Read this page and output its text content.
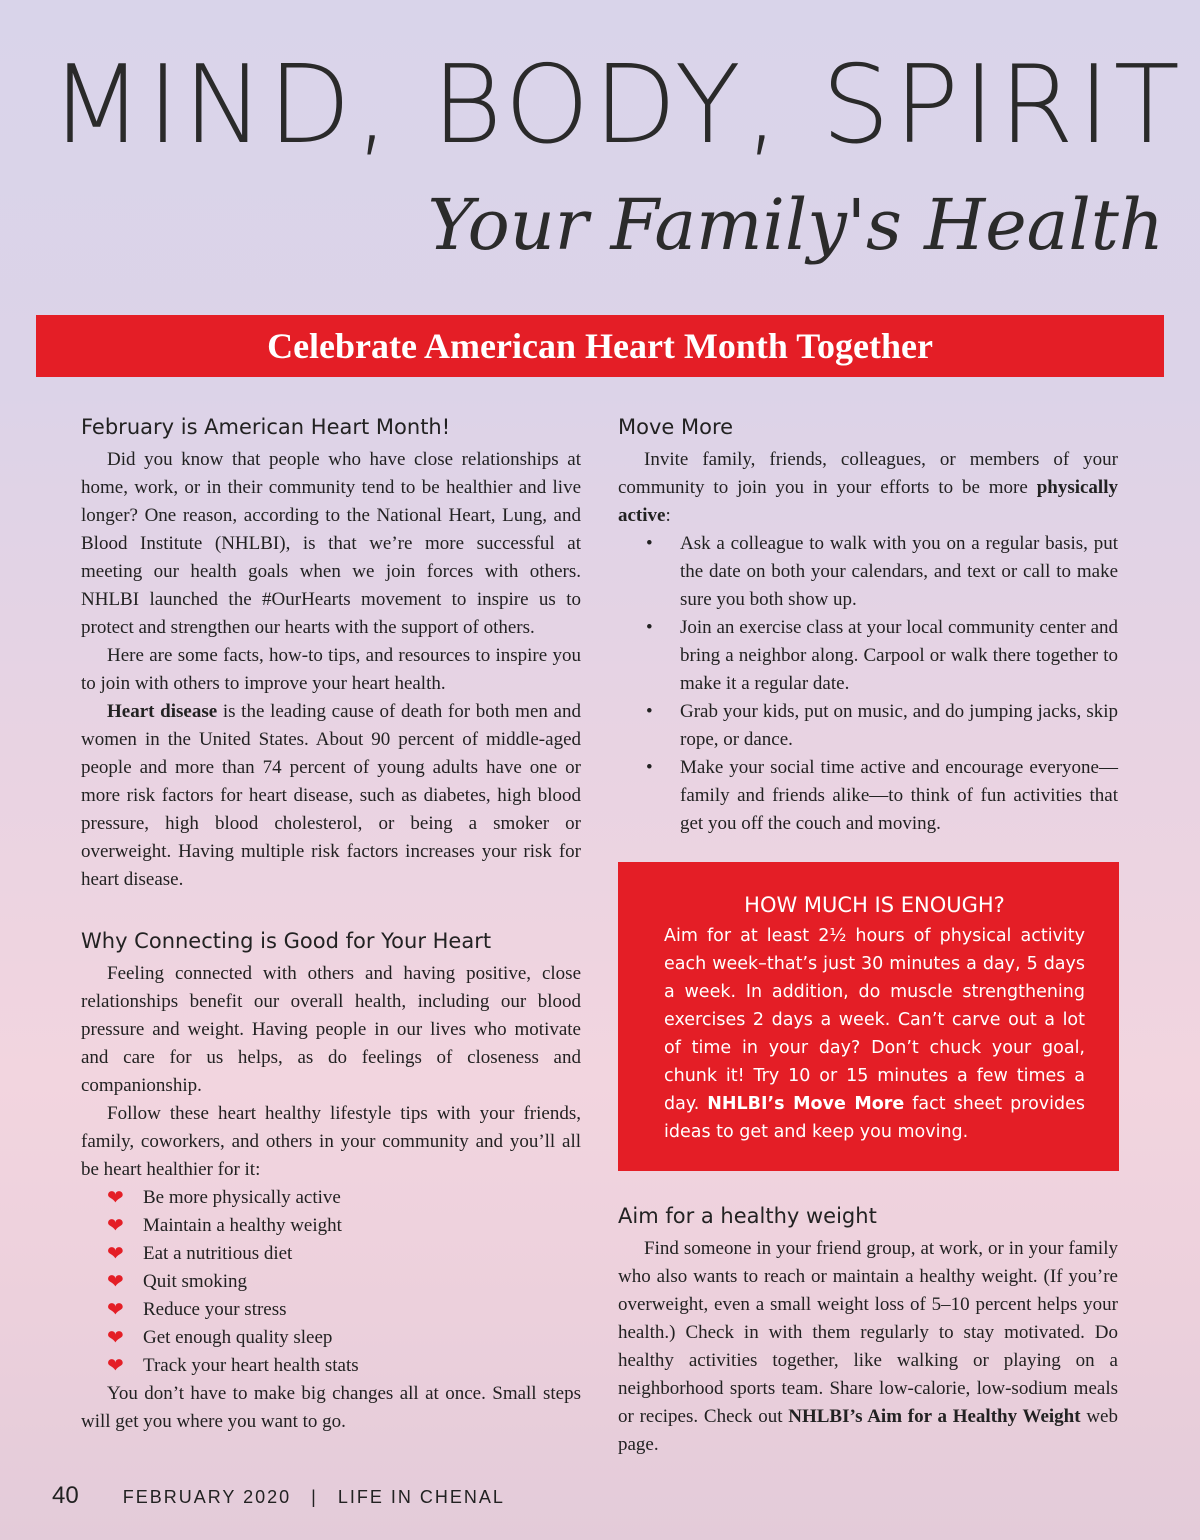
MIND, BODY, SPIRIT
Your Family's Health
Celebrate American Heart Month Together
February is American Heart Month!

Did you know that people who have close relationships at home, work, or in their community tend to be healthier and live longer? One reason, according to the National Heart, Lung, and Blood Institute (NHLBI), is that we’re more successful at meeting our health goals when we join forces with others. NHLBI launched the #OurHearts movement to inspire us to protect and strengthen our hearts with the support of others.

Here are some facts, how-to tips, and resources to inspire you to join with others to improve your heart health.

Heart disease is the leading cause of death for both men and women in the United States. About 90 percent of middle-aged people and more than 74 percent of young adults have one or more risk factors for heart disease, such as diabetes, high blood pressure, high blood cholesterol, or being a smoker or overweight. Having multiple risk factors increases your risk for heart disease.

Why Connecting is Good for Your Heart

Feeling connected with others and having positive, close relationships benefit our overall health, including our blood pressure and weight. Having people in our lives who motivate and care for us helps, as do feelings of closeness and companionship.

Follow these heart healthy lifestyle tips with your friends, family, coworkers, and others in your community and you’ll all be heart healthier for it:

❤	Be more physically active
❤	Maintain a healthy weight
❤	Eat a nutritious diet
❤	Quit smoking
❤	Reduce your stress
❤	Get enough quality sleep
❤	Track your heart health stats

You don’t have to make big changes all at once. Small steps will get you where you want to go.

Move More

Invite family, friends, colleagues, or members of your community to join you in your efforts to be more physically active:

•	Ask a colleague to walk with you on a regular basis, put the date on both your calendars, and text or call to make sure you both show up.
•	Join an exercise class at your local community center and bring a neighbor along. Carpool or walk there together to make it a regular date.
•	Grab your kids, put on music, and do jumping jacks, skip rope, or dance.
•	Make your social time active and encourage everyone—family and friends alike—to think of fun activities that get you off the couch and moving.
HOW MUCH IS ENOUGH?

Aim for at least 2½ hours of physical activity each week–that’s just 30 minutes a day, 5 days a week. In addition, do muscle strengthening exercises 2 days a week. Can’t carve out a lot of time in your day? Don’t chuck your goal, chunk it! Try 10 or 15 minutes a few times a day. NHLBI’s Move More fact sheet provides ideas to get and keep you moving.

Aim for a healthy weight

Find someone in your friend group, at work, or in your family who also wants to reach or maintain a healthy weight. (If you’re overweight, even a small weight loss of 5–10 percent helps your health.) Check in with them regularly to stay motivated. Do healthy activities together, like walking or playing on a neighborhood sports team. Share low-calorie, low-sodium meals or recipes. Check out NHLBI’s Aim for a Healthy Weight web page.

40 FEBRUARY 2020 | LIFE IN CHENAL
